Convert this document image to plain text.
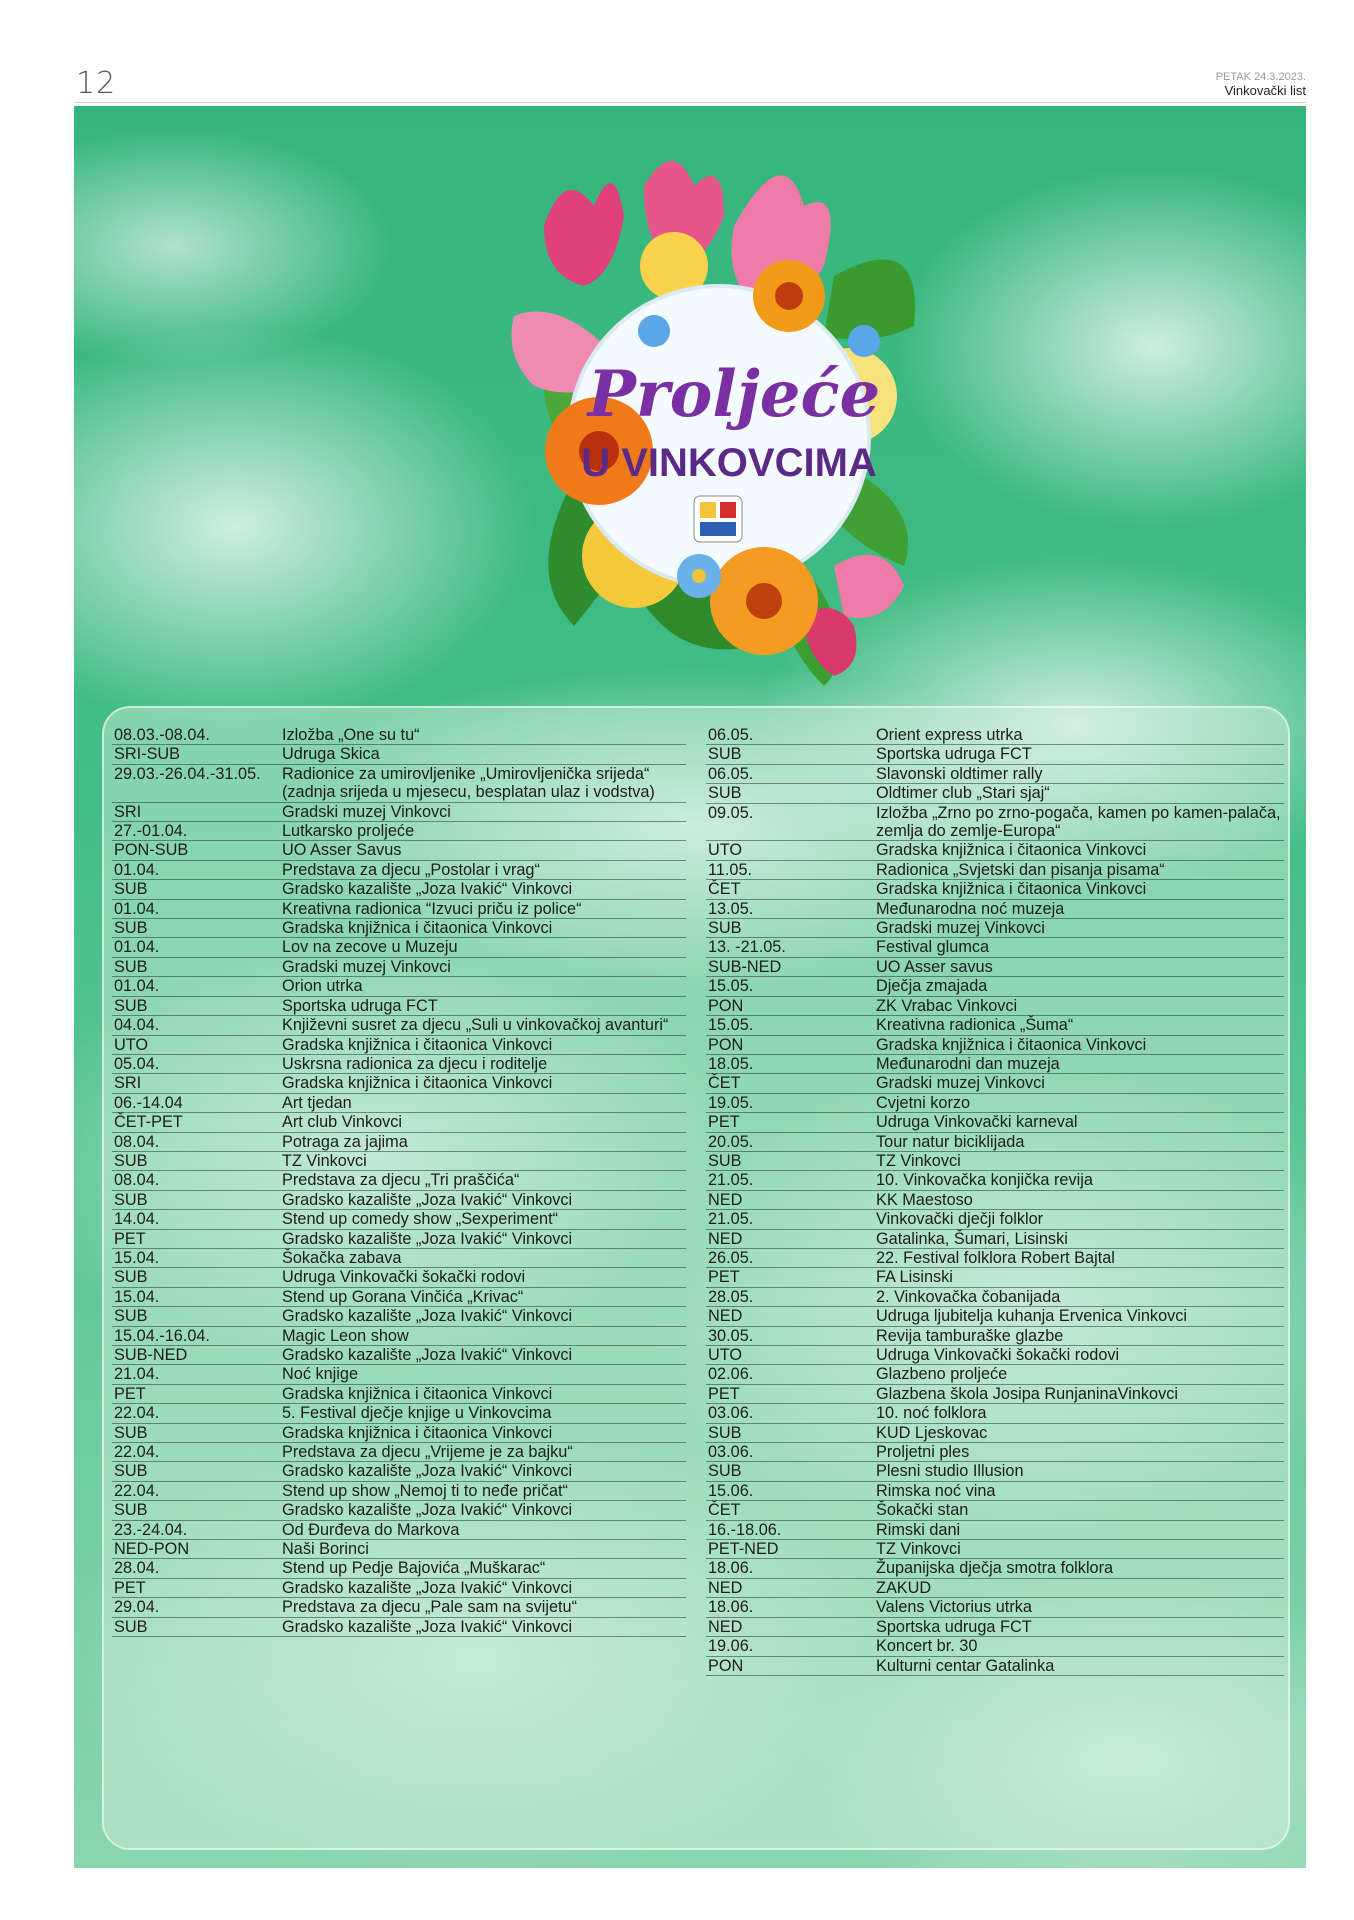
12	PETAK 24.3.2023.
Vinkovački list
Proljeće
U VINKOVCIMA
08.03.-08.04.	Izložba „One su tu“
SRI-SUB	Udruga Skica
29.03.-26.04.-31.05.	Radionice za umirovljenike „Umirovljenička srijeda“ (zadnja srijeda u mjesecu, besplatan ulaz i vodstva)
SRI	Gradski muzej Vinkovci
27.-01.04.	Lutkarsko proljeće
PON-SUB	UO Asser Savus
01.04.	Predstava za djecu „Postolar i vrag“
SUB	Gradsko kazalište „Joza Ivakić“ Vinkovci
01.04.	Kreativna radionica “Izvuci priču iz police“
SUB	Gradska knjižnica i čitaonica Vinkovci
01.04.	Lov na zecove u Muzeju
SUB	Gradski muzej Vinkovci
01.04.	Orion utrka
SUB	Sportska udruga FCT
04.04.	Književni susret za djecu „Suli u vinkovačkoj avanturi“
UTO	Gradska knjižnica i čitaonica Vinkovci
05.04.	Uskrsna radionica za djecu i roditelje
SRI	Gradska knjižnica i čitaonica Vinkovci
06.-14.04	Art tjedan
ČET-PET	Art club Vinkovci
08.04.	Potraga za jajima
SUB	TZ Vinkovci
08.04.	Predstava za djecu „Tri praščića“
SUB	Gradsko kazalište „Joza Ivakić“ Vinkovci
14.04.	Stend up comedy show „Sexperiment“
PET	Gradsko kazalište „Joza Ivakić“ Vinkovci
15.04.	Šokačka zabava
SUB	Udruga Vinkovački šokački rodovi
15.04.	Stend up Gorana Vinčića „Krivac“
SUB	Gradsko kazalište „Joza Ivakić“ Vinkovci
15.04.-16.04.	Magic Leon show
SUB-NED	Gradsko kazalište „Joza Ivakić“ Vinkovci
21.04.	Noć knjige
PET	Gradska knjižnica i čitaonica Vinkovci
22.04.	5. Festival dječje knjige u Vinkovcima
SUB	Gradska knjižnica i čitaonica Vinkovci
22.04.	Predstava za djecu „Vrijeme je za bajku“
SUB	Gradsko kazalište „Joza Ivakić“ Vinkovci
22.04.	Stend up show „Nemoj ti to neđe pričat“
SUB	Gradsko kazalište „Joza Ivakić“ Vinkovci
23.-24.04.	Od Đurđeva do Markova
NED-PON	Naši Borinci
28.04.	Stend up Pedje Bajovića „Muškarac“
PET	Gradsko kazalište „Joza Ivakić“ Vinkovci
29.04.	Predstava za djecu „Pale sam na svijetu“
SUB	Gradsko kazalište „Joza Ivakić“ Vinkovci
06.05.	Orient express utrka
SUB	Sportska udruga FCT
06.05.	Slavonski oldtimer rally
SUB	Oldtimer club „Stari sjaj“
09.05.	Izložba „Zrno po zrno-pogača, kamen po kamen-palača, zemlja do zemlje-Europa“
UTO	Gradska knjižnica i čitaonica Vinkovci
11.05.	Radionica „Svjetski dan pisanja pisama“
ČET	Gradska knjižnica i čitaonica Vinkovci
13.05.	Međunarodna noć muzeja
SUB	Gradski muzej Vinkovci
13. -21.05.	Festival glumca
SUB-NED	UO Asser savus
15.05.	Dječja zmajada
PON	ZK Vrabac Vinkovci
15.05.	Kreativna radionica „Šuma“
PON	Gradska knjižnica i čitaonica Vinkovci
18.05.	Međunarodni dan muzeja
ČET	Gradski muzej Vinkovci
19.05.	Cvjetni korzo
PET	Udruga Vinkovački karneval
20.05.	Tour natur biciklijada
SUB	TZ Vinkovci
21.05.	10. Vinkovačka konjička revija
NED	KK Maestoso
21.05.	Vinkovački dječji folklor
NED	Gatalinka, Šumari, Lisinski
26.05.	22. Festival folklora Robert Bajtal
PET	FA Lisinski
28.05.	2. Vinkovačka čobanijada
NED	Udruga ljubitelja kuhanja Ervenica Vinkovci
30.05.	Revija tamburaške glazbe
UTO	Udruga Vinkovački šokački rodovi
02.06.	Glazbeno proljeće
PET	Glazbena škola Josipa RunjaninaVinkovci
03.06.	10. noć folklora
SUB	KUD Ljeskovac
03.06.	Proljetni ples
SUB	Plesni studio Illusion
15.06.	Rimska noć vina
ČET	Šokački stan
16.-18.06.	Rimski dani
PET-NED	TZ Vinkovci
18.06.	Županijska dječja smotra folklora
NED	ZAKUD
18.06.	Valens Victorius utrka
NED	Sportska udruga FCT
19.06.	Koncert br. 30
PON	Kulturni centar Gatalinka
